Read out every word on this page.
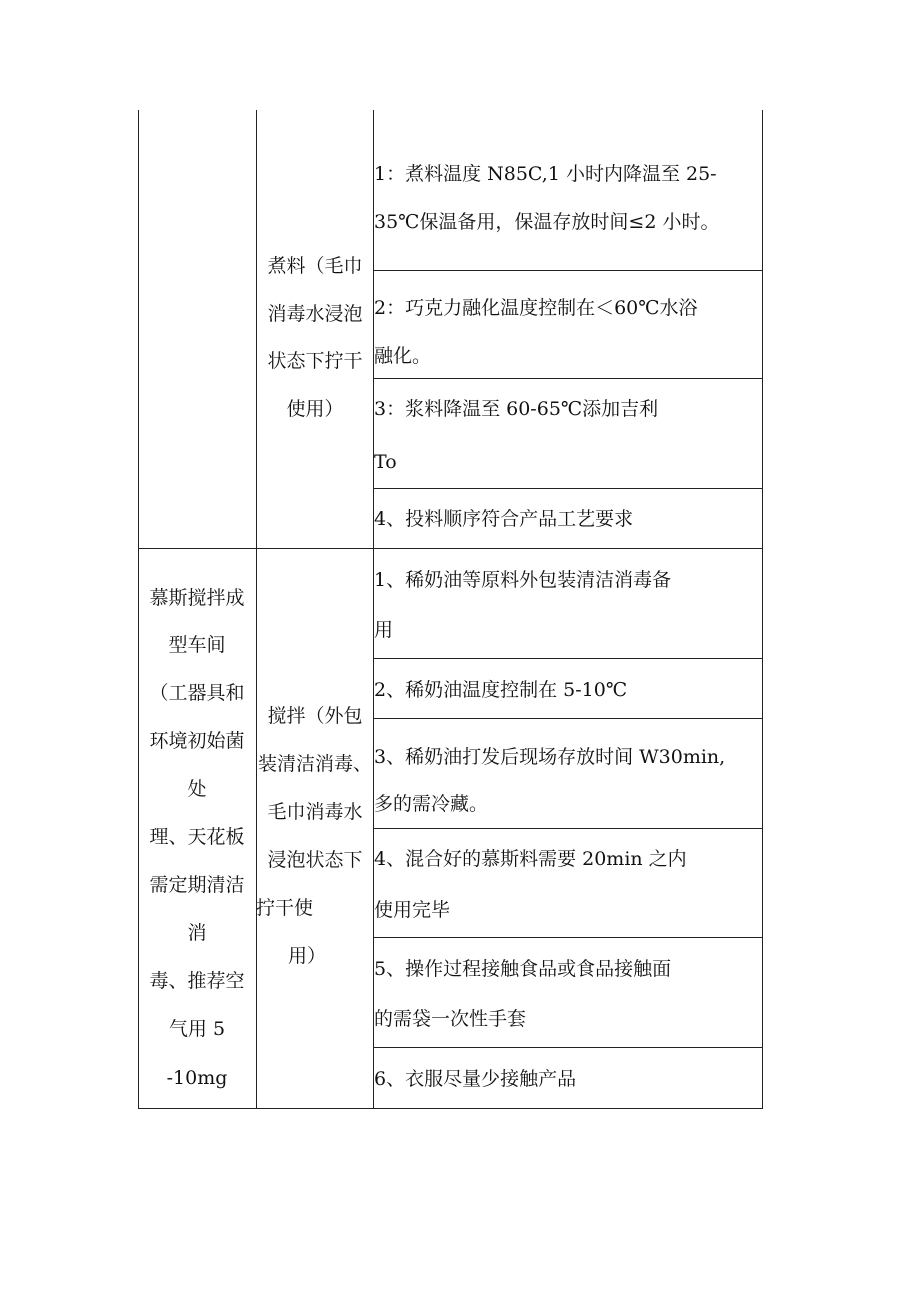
煮料（毛巾
消毒水浸泡
状态下拧干
使用）
1：煮料温度 N85C,1 小时内降温至 25-
35℃保温备用，保温存放时间≤2 小时。
2：巧克力融化温度控制在＜60℃水浴
融化。
3：浆料降温至 60-65℃添加吉利
To
4、投料顺序符合产品工艺要求
慕斯搅拌成
型车间
（工器具和
环境初始菌
处
理、天花板
需定期清洁
消
毒、推荐空
气用 5
-10mg
搅拌（外包
装清洁消毒、
毛巾消毒水
浸泡状态下
拧干使
用）
1、稀奶油等原料外包装清洁消毒备
用
2、稀奶油温度控制在 5-10℃
3、稀奶油打发后现场存放时间 W30min,
多的需冷藏。
4、混合好的慕斯料需要 20min 之内
使用完毕
5、操作过程接触食品或食品接触面
的需袋一次性手套
6、衣服尽量少接触产品
